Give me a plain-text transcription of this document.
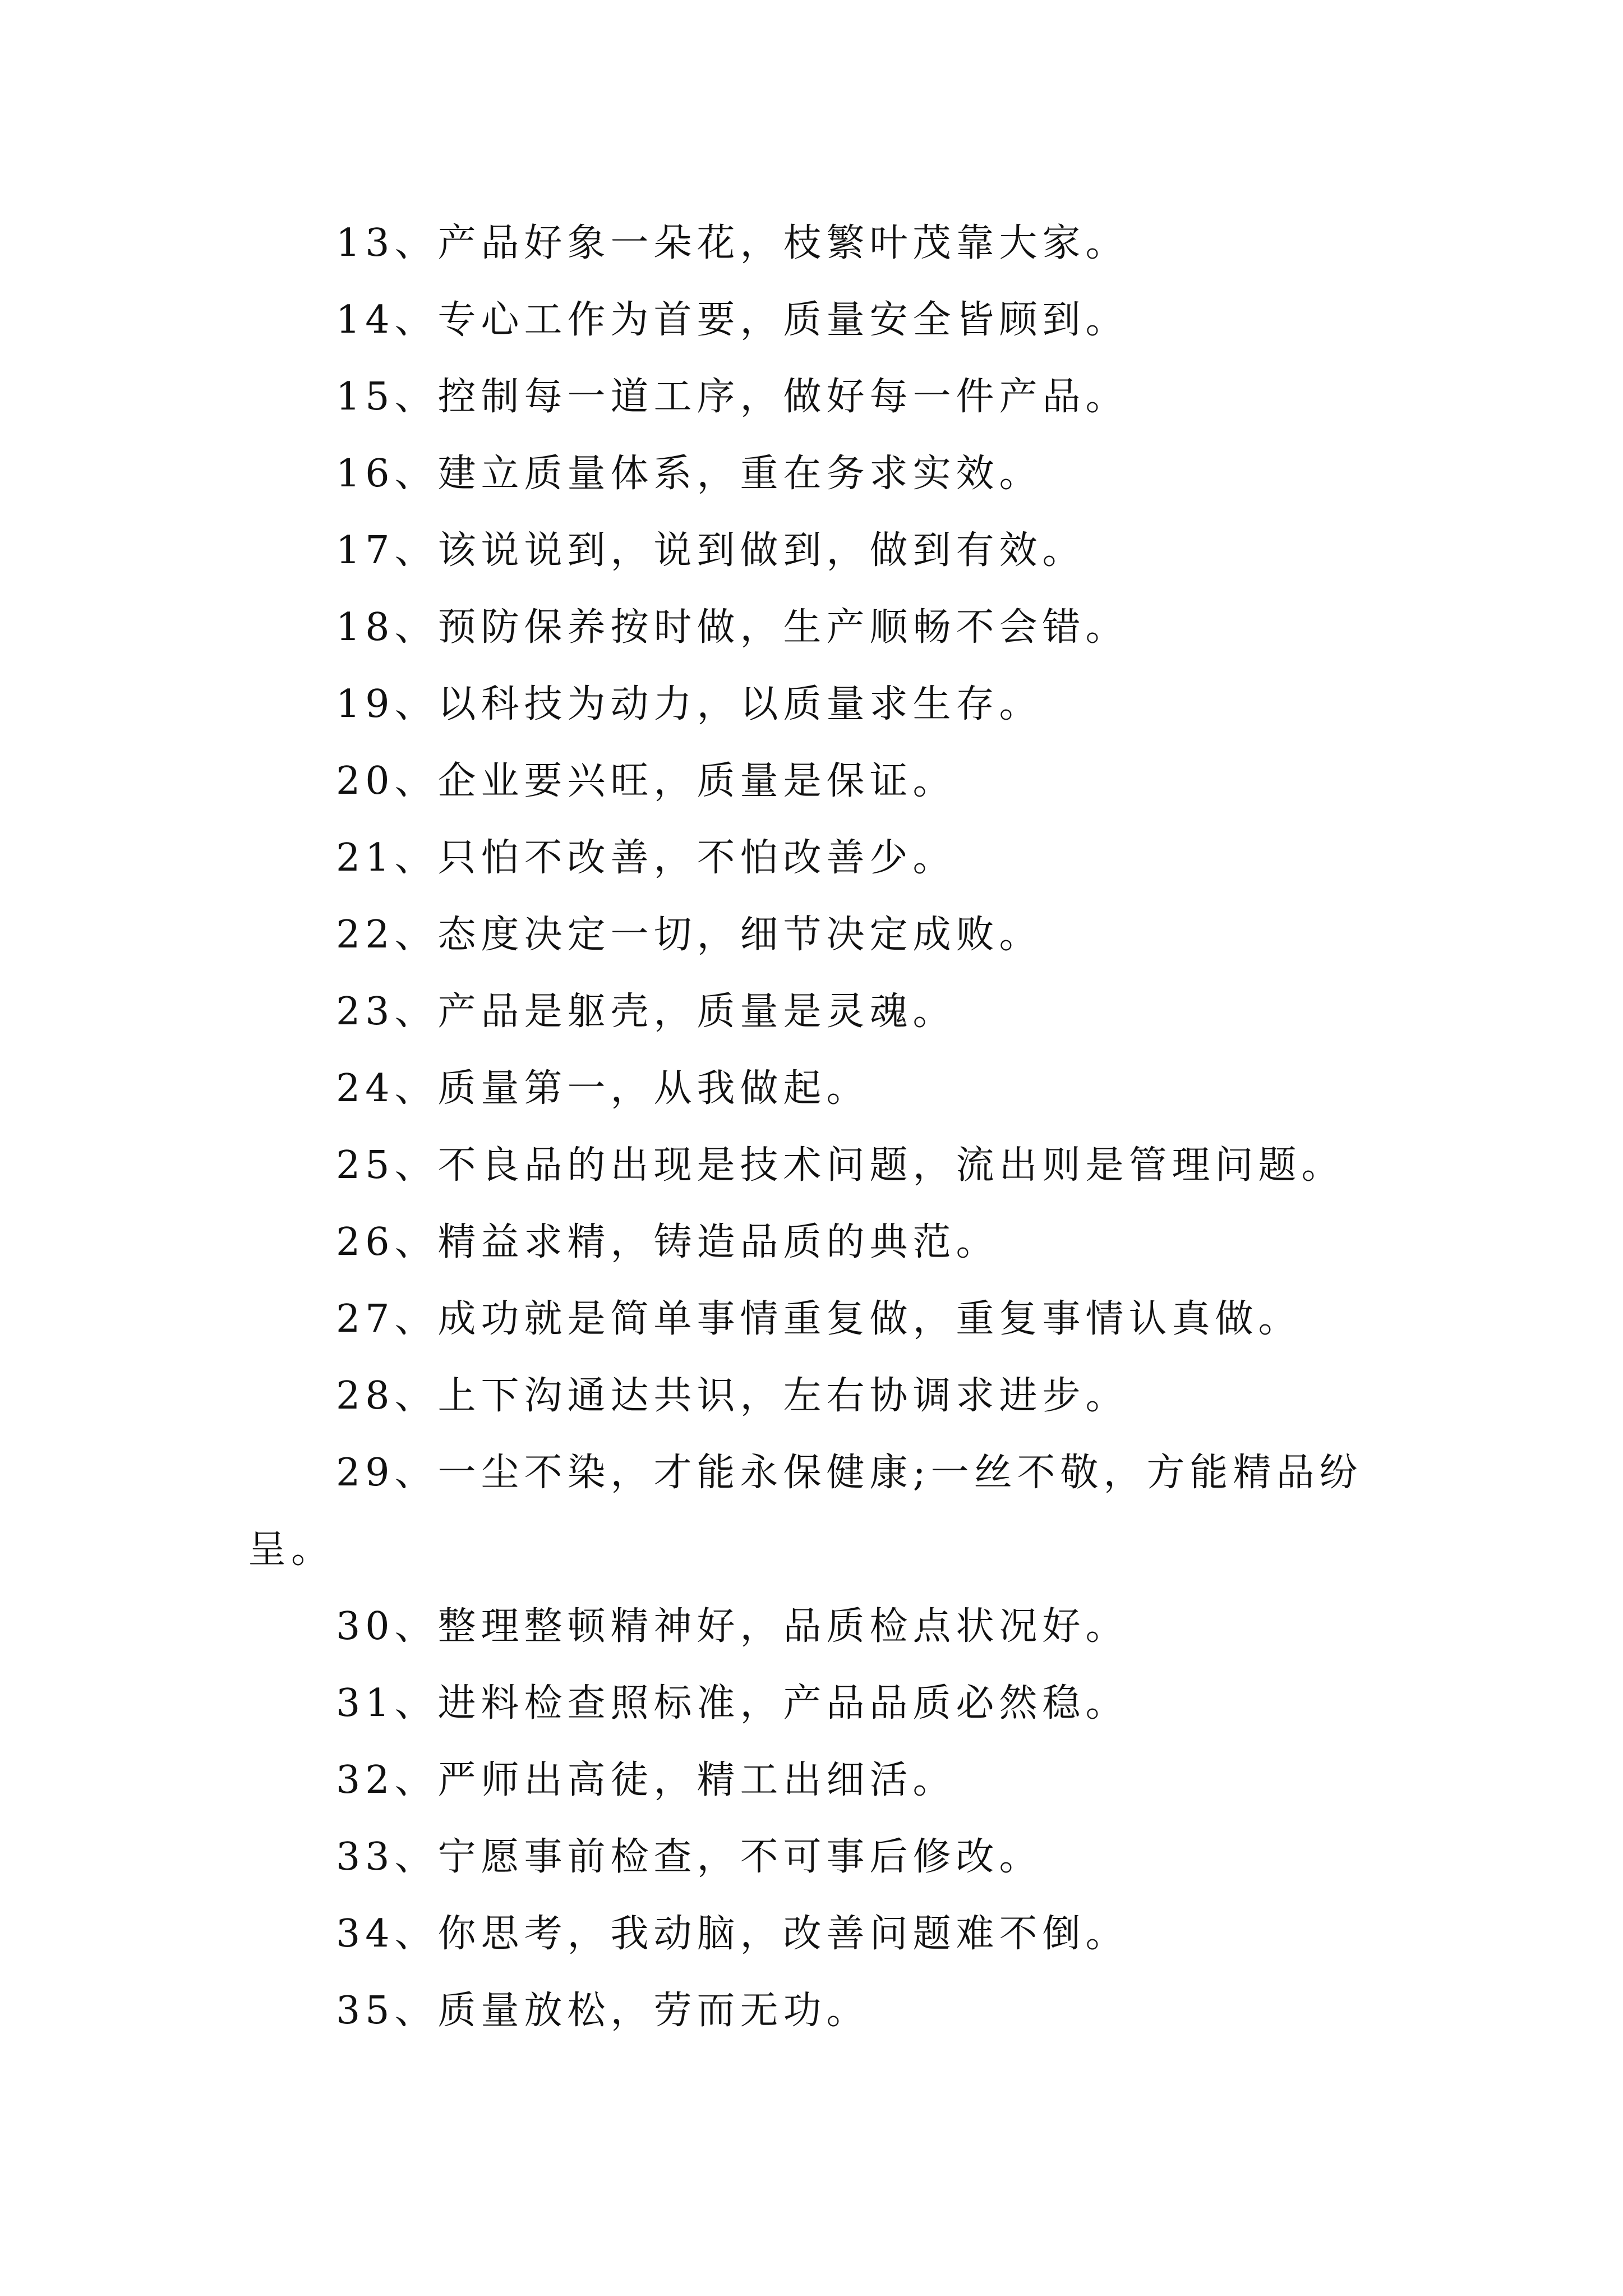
13、产品好象一朵花，枝繁叶茂靠大家。

14、专心工作为首要，质量安全皆顾到。

15、控制每一道工序，做好每一件产品。

16、建立质量体系，重在务求实效。

17、该说说到，说到做到，做到有效。

18、预防保养按时做，生产顺畅不会错。

19、以科技为动力，以质量求生存。

20、企业要兴旺，质量是保证。

21、只怕不改善，不怕改善少。

22、态度决定一切，细节决定成败。

23、产品是躯壳，质量是灵魂。

24、质量第一，从我做起。

25、不良品的出现是技术问题，流出则是管理问题。

26、精益求精，铸造品质的典范。

27、成功就是简单事情重复做，重复事情认真做。

28、上下沟通达共识，左右协调求进步。

29、一尘不染，才能永保健康;一丝不敬，方能精品纷呈。

30、整理整顿精神好，品质检点状况好。

31、进料检查照标准，产品品质必然稳。

32、严师出高徒，精工出细活。

33、宁愿事前检查，不可事后修改。

34、你思考，我动脑，改善问题难不倒。

35、质量放松，劳而无功。
